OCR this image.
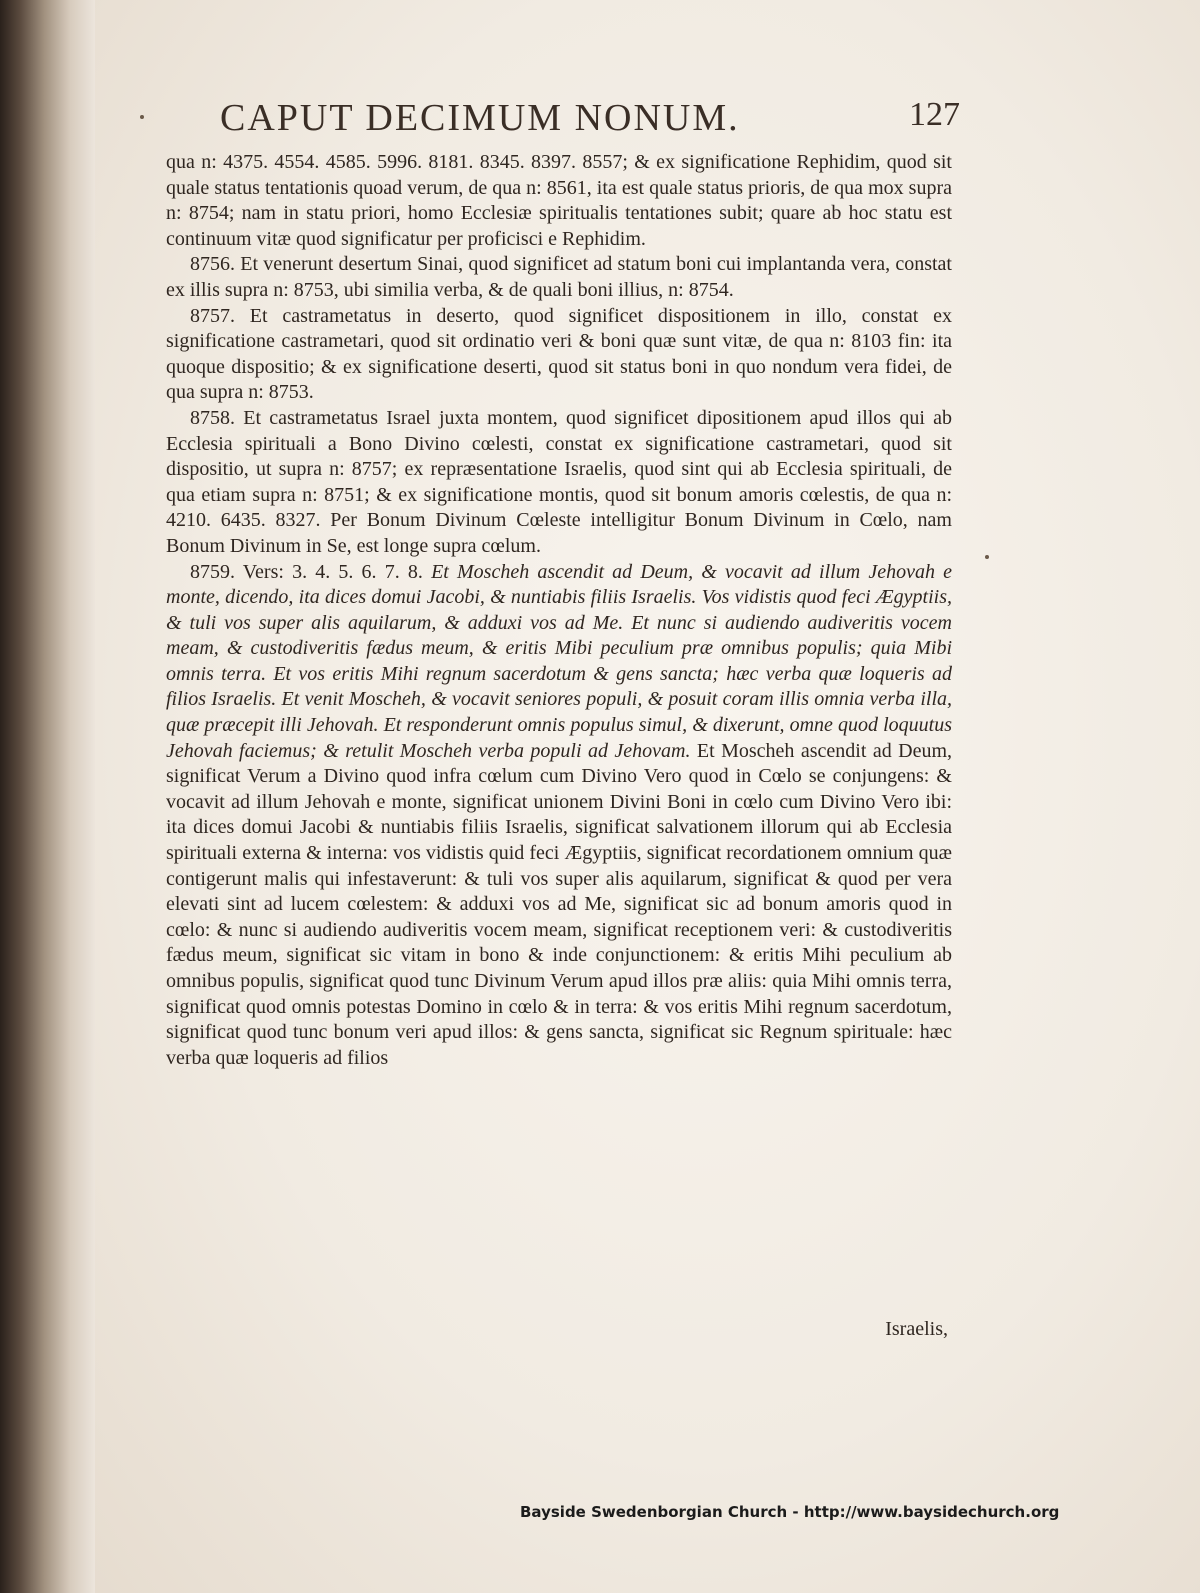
CAPUT DECIMUM NONUM.	127

qua n: 4375. 4554. 4585. 5996. 8181. 8345. 8397. 8557; & ex significatione Rephidim, quod sit quale status tentationis quoad verum, de qua n: 8561, ita est quale status prioris, de qua mox supra n: 8754; nam in statu priori, homo Ecclesiæ spiritualis tentationes subit; quare ab hoc statu est continuum vitæ quod significatur per proficisci e Rephidim.

8756. Et venerunt desertum Sinai, quod significet ad statum boni cui implantanda vera, constat ex illis supra n: 8753, ubi similia verba, & de quali boni illius, n: 8754.

8757. Et castrametatus in deserto, quod significet dispositionem in illo, constat ex significatione castrametari, quod sit ordinatio veri & boni quæ sunt vitæ, de qua n: 8103 fin: ita quoque dispositio; & ex significatione deserti, quod sit status boni in quo nondum vera fidei, de qua supra n: 8753.

8758. Et castrametatus Israel juxta montem, quod significet dipositionem apud illos qui ab Ecclesia spirituali a Bono Divino cœlesti, constat ex significatione castrametari, quod sit dispositio, ut supra n: 8757; ex repræsentatione Israelis, quod sint qui ab Ecclesia spirituali, de qua etiam supra n: 8751; & ex significatione montis, quod sit bonum amoris cœlestis, de qua n: 4210. 6435. 8327. Per Bonum Divinum Cœleste intelligitur Bonum Divinum in Cœlo, nam Bonum Divinum in Se, est longe supra cœlum.

8759. Vers: 3. 4. 5. 6. 7. 8. Et Moscheh ascendit ad Deum, & vocavit ad illum Jehovah e monte, dicendo, ita dices domui Jacobi, & nuntiabis filiis Israelis. Vos vidistis quod feci Ægyptiis, & tuli vos super alis aquilarum, & adduxi vos ad Me. Et nunc si audiendo audiveritis vocem meam, & custodiveritis fædus meum, & eritis Mibi peculium præ omnibus populis; quia Mibi omnis terra. Et vos eritis Mihi regnum sacerdotum & gens sancta; hæc verba quæ loqueris ad filios Israelis. Et venit Moscheh, & vocavit seniores populi, & posuit coram illis omnia verba illa, quæ præcepit illi Jehovah. Et responderunt omnis populus simul, & dixerunt, omne quod loquutus Jehovah faciemus; & retulit Moscheh verba populi ad Jehovam. Et Moscheh ascendit ad Deum, significat Verum a Divino quod infra cœlum cum Divino Vero quod in Cœlo se conjungens: & vocavit ad illum Jehovah e monte, significat unionem Divini Boni in cœlo cum Divino Vero ibi: ita dices domui Jacobi & nuntiabis filiis Israelis, significat salvationem illorum qui ab Ecclesia spirituali externa & interna: vos vidistis quid feci Ægyptiis, significat recordationem omnium quæ contigerunt malis qui infestaverunt: & tuli vos super alis aquilarum, significat & quod per vera elevati sint ad lucem cœlestem: & adduxi vos ad Me, significat sic ad bonum amoris quod in cœlo: & nunc si audiendo audiveritis vocem meam, significat receptionem veri: & custodiveritis fædus meum, significat sic vitam in bono & inde conjunctionem: & eritis Mihi peculium ab omnibus populis, significat quod tunc Divinum Verum apud illos præ aliis: quia Mihi omnis terra, significat quod omnis potestas Domino in cœlo & in terra: & vos eritis Mihi regnum sacerdotum, significat quod tunc bonum veri apud illos: & gens sancta, significat sic Regnum spirituale: hæc verba quæ loqueris ad filios

Israelis,
Bayside Swedenborgian Church - http://www.baysidechurch.org
